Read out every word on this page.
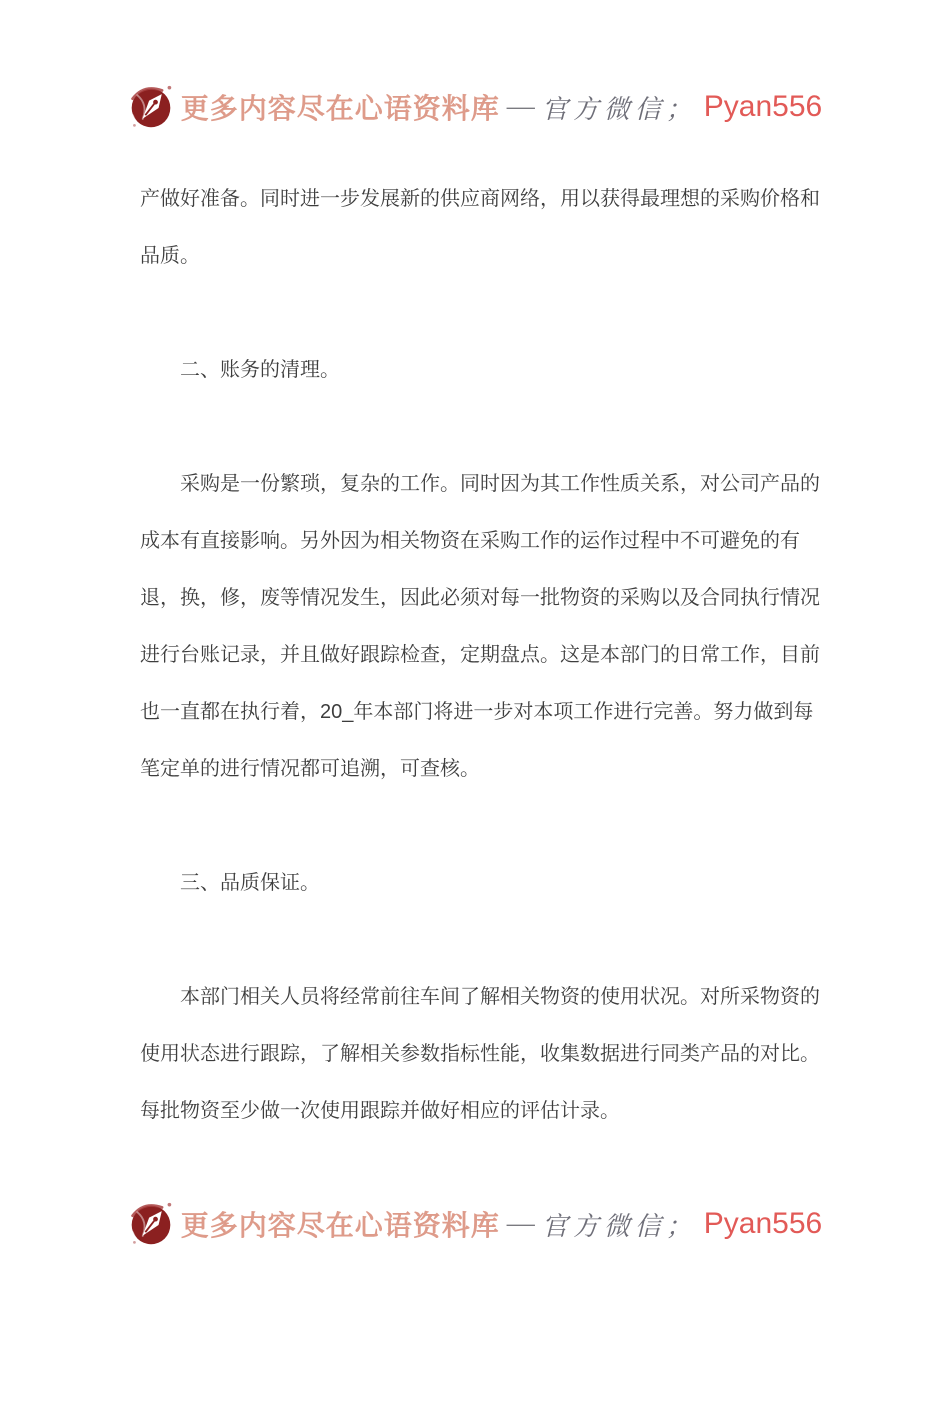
更多内容尽在心语资料库 — 官方微信； Pyan556

产做好准备。同时进一步发展新的供应商网络，用以获得最理想的采购价格和品质。

二、账务的清理。

采购是一份繁琐，复杂的工作。同时因为其工作性质关系，对公司产品的成本有直接影响。另外因为相关物资在采购工作的运作过程中不可避免的有退，换，修，废等情况发生，因此必须对每一批物资的采购以及合同执行情况进行台账记录，并且做好跟踪检查，定期盘点。这是本部门的日常工作，目前也一直都在执行着，20_年本部门将进一步对本项工作进行完善。努力做到每笔定单的进行情况都可追溯，可查核。

三、品质保证。

本部门相关人员将经常前往车间了解相关物资的使用状况。对所采物资的使用状态进行跟踪，了解相关参数指标性能，收集数据进行同类产品的对比。每批物资至少做一次使用跟踪并做好相应的评估计录。

更多内容尽在心语资料库 — 官方微信； Pyan556
